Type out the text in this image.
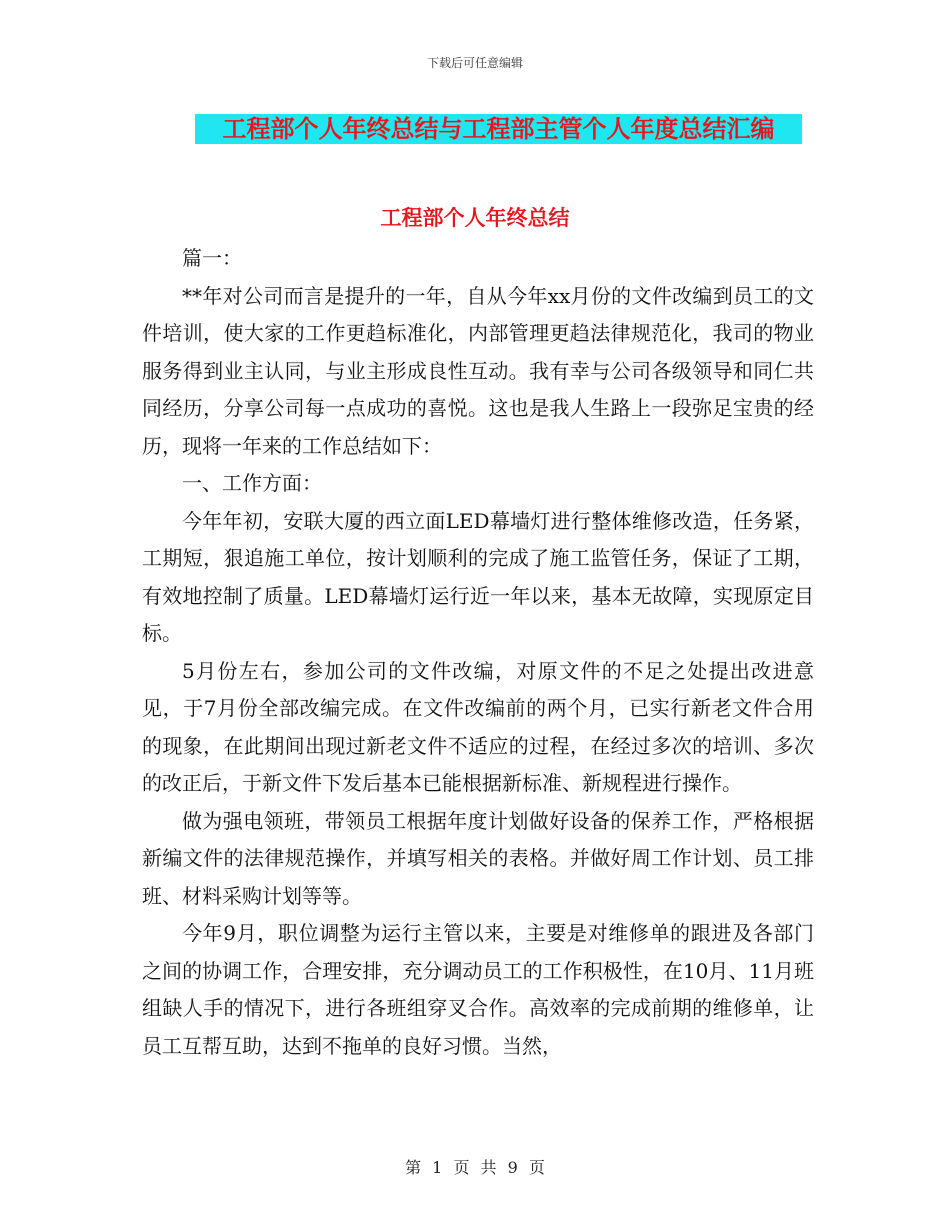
下载后可任意编辑
工程部个人年终总结与工程部主管个人年度总结汇编
工程部个人年终总结

篇一：

**年对公司而言是提升的一年，自从今年xx月份的文件改编到员工的文件培训，使大家的工作更趋标准化，内部管理更趋法律规范化，我司的物业服务得到业主认同，与业主形成良性互动。我有幸与公司各级领导和同仁共同经历，分享公司每一点成功的喜悦。这也是我人生路上一段弥足宝贵的经历，现将一年来的工作总结如下：

一、工作方面：

今年年初，安联大厦的西立面LED幕墙灯进行整体维修改造，任务紧，工期短，狠追施工单位，按计划顺利的完成了施工监管任务，保证了工期，有效地控制了质量。LED幕墙灯运行近一年以来，基本无故障，实现原定目标。

5月份左右，参加公司的文件改编，对原文件的不足之处提出改进意见，于7月份全部改编完成。在文件改编前的两个月，已实行新老文件合用的现象，在此期间出现过新老文件不适应的过程，在经过多次的培训、多次的改正后，于新文件下发后基本已能根据新标准、新规程进行操作。

做为强电领班，带领员工根据年度计划做好设备的保养工作，严格根据新编文件的法律规范操作，并填写相关的表格。并做好周工作计划、员工排班、材料采购计划等等。

今年9月，职位调整为运行主管以来，主要是对维修单的跟进及各部门之间的协调工作，合理安排，充分调动员工的工作积极性，在10月、11月班组缺人手的情况下，进行各班组穿叉合作。高效率的完成前期的维修单，让员工互帮互助，达到不拖单的良好习惯。当然，

第 1 页 共 9 页
